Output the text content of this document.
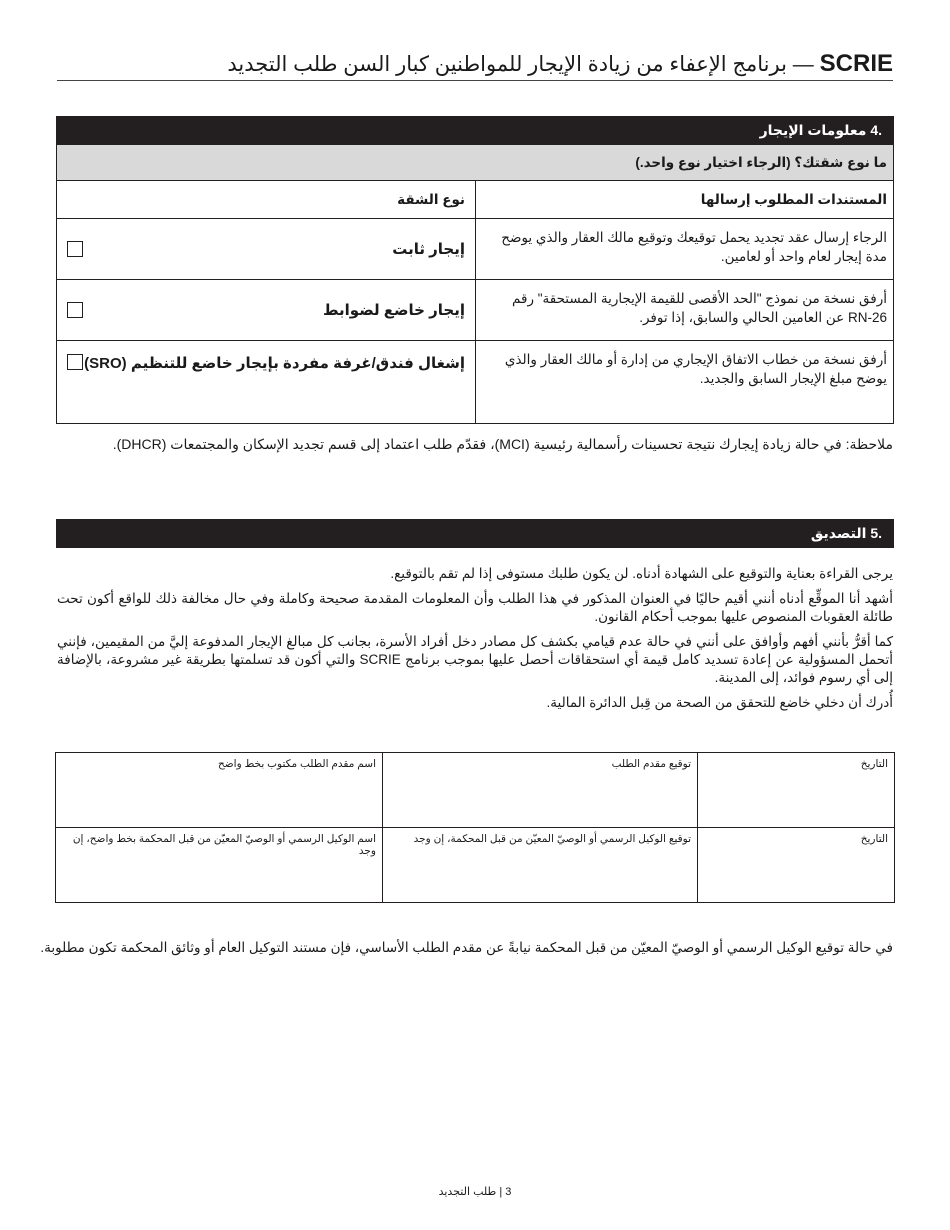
SCRIE — برنامج الإعفاء من زيادة الإيجار للمواطنين كبار السن طلب التجديد
.4 معلومات الإيجار
ما نوع شقتك؟ (الرجاء اختيار نوع واحد.)
المستندات المطلوب إرسالها
نوع الشقة
الرجاء إرسال عقد تجديد يحمل توقيعك وتوقيع مالك العقار والذي يوضح مدة إيجار لعام واحد أو لعامين.
إيجار ثابت
أرفق نسخة من نموذج "الحد الأقصى للقيمة الإيجارية المستحقة" رقم RN-26 عن العامين الحالي والسابق، إذا توفر.
إيجار خاضع لضوابط
أرفق نسخة من خطاب الاتفاق الإيجاري من إدارة أو مالك العقار والذي يوضح مبلغ الإيجار السابق والجديد.
إشغال فندق/غرفة مفردة بإيجار خاضع للتنظيم (SRO)
ملاحظة: في حالة زيادة إيجارك نتيجة تحسينات رأسمالية رئيسية (MCI)، فقدّم طلب اعتماد إلى قسم تجديد الإسكان والمجتمعات (DHCR).
.5 التصديق

يرجى القراءة بعناية والتوقيع على الشهادة أدناه. لن يكون طلبك مستوفى إذا لم تقم بالتوقيع.

أشهد أنا الموقِّع أدناه أنني أقيم حاليًا في العنوان المذكور في هذا الطلب وأن المعلومات المقدمة صحيحة وكاملة وفي حال مخالفة ذلك للواقع أكون تحت طائلة العقوبات المنصوص عليها بموجب أحكام القانون.

كما أقرُّ بأنني أفهم وأوافق على أنني في حالة عدم قيامي بكشف كل مصادر دخل أفراد الأسرة، بجانب كل مبالغ الإيجار المدفوعة إليَّ من المقيمين، فإنني أتحمل المسؤولية عن إعادة تسديد كامل قيمة أي استحقاقات أحصل عليها بموجب برنامج SCRIE والتي أكون قد تسلمتها بطريقة غير مشروعة، بالإضافة إلى أي رسوم فوائد، إلى المدينة.

أُدرك أن دخلي خاضع للتحقق من الصحة من قِبل الدائرة المالية.

التاريخ
توقيع مقدم الطلب
اسم مقدم الطلب مكتوب بخط واضح
التاريخ
توقيع الوكيل الرسمي أو الوصيّ المعيّن من قبل المحكمة، إن وجد
اسم الوكيل الرسمي أو الوصيّ المعيّن من قبل المحكمة بخط واضح، إن وجد
في حالة توقيع الوكيل الرسمي أو الوصيّ المعيّن من قبل المحكمة نيابةً عن مقدم الطلب الأساسي، فإن مستند التوكيل العام أو وثائق المحكمة تكون مطلوبة.
3 | طلب التجديد
